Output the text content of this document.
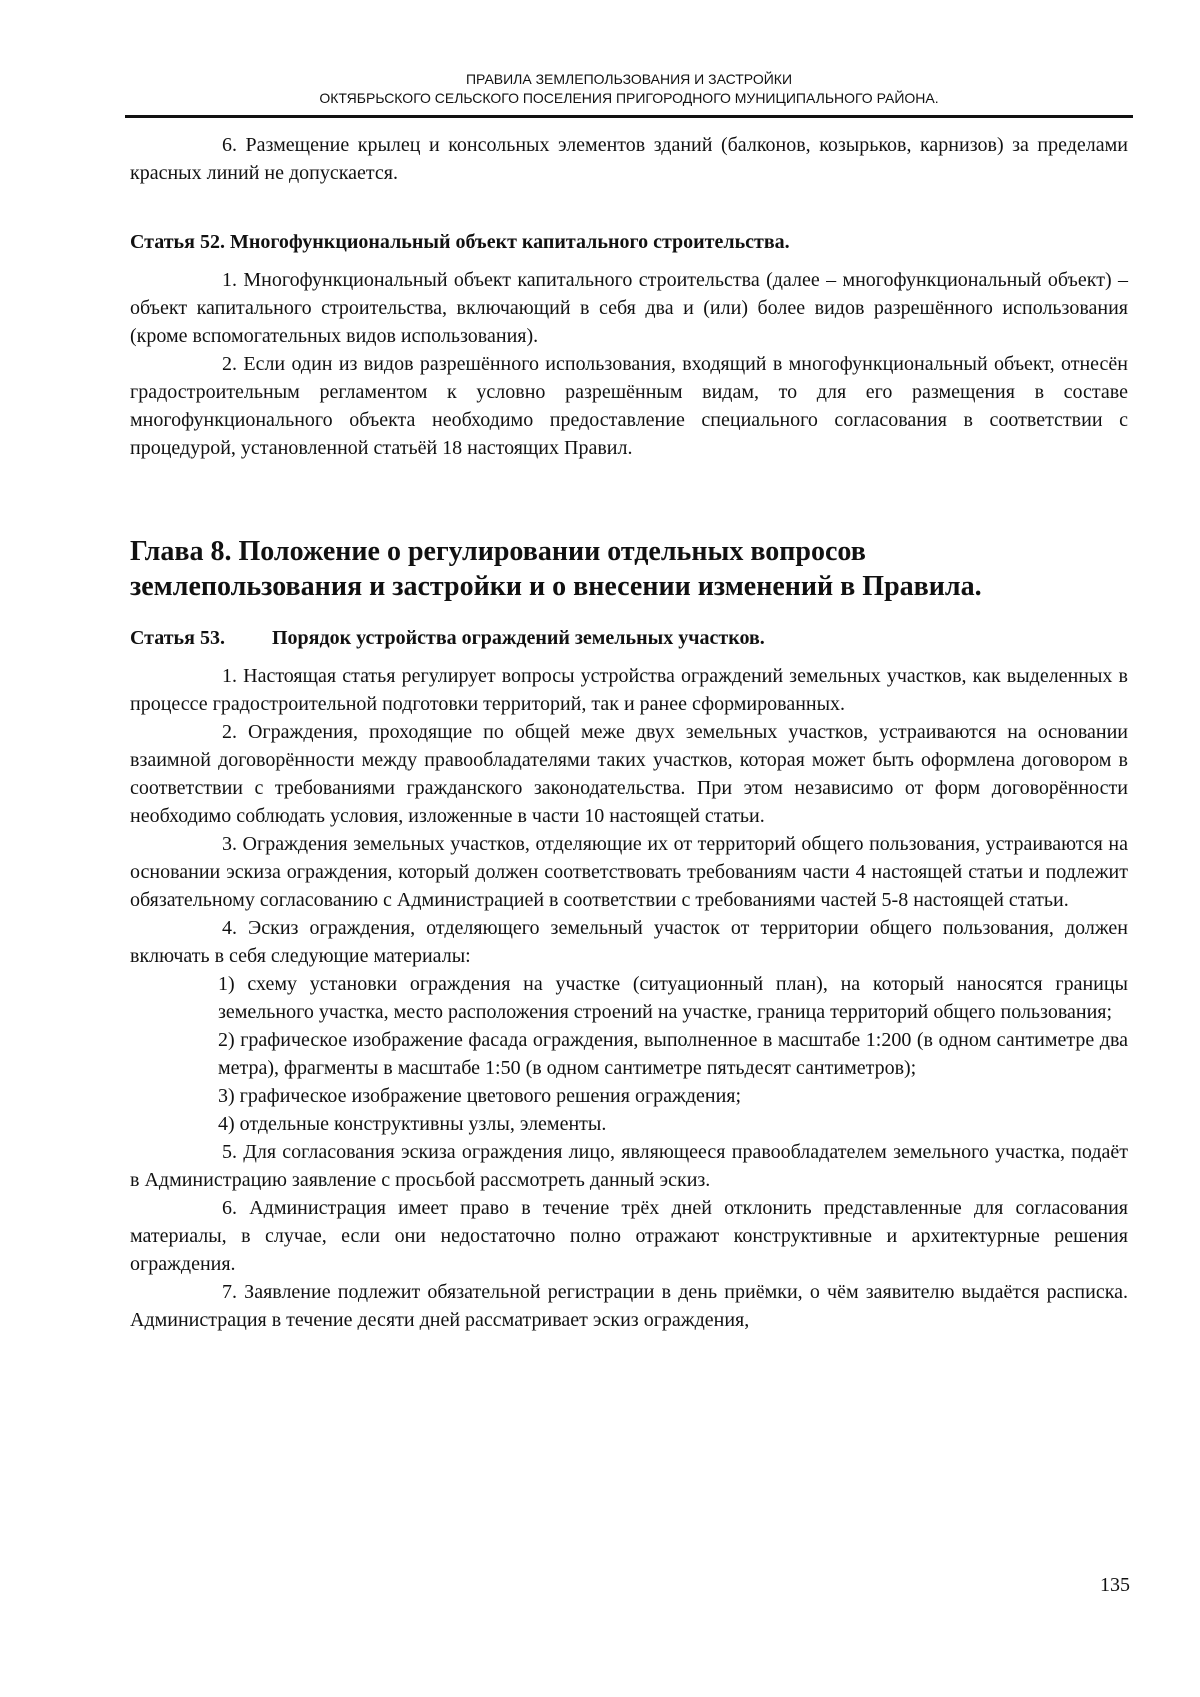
ПРАВИЛА ЗЕМЛЕПОЛЬЗОВАНИЯ И ЗАСТРОЙКИ
ОКТЯБРЬСКОГО СЕЛЬСКОГО ПОСЕЛЕНИЯ ПРИГОРОДНОГО МУНИЦИПАЛЬНОГО РАЙОНА.

6. Размещение крылец и консольных элементов зданий (балконов, козырьков, карнизов) за пределами красных линий не допускается.

Статья 52. Многофункциональный объект капитального строительства.

1. Многофункциональный объект капитального строительства (далее – многофункциональный объект) – объект капитального строительства, включающий в себя два и (или) более видов разрешённого использования (кроме вспомогательных видов использования).

2. Если один из видов разрешённого использования, входящий в многофункциональный объект, отнесён градостроительным регламентом к условно разрешённым видам, то для его размещения в составе многофункционального объекта необходимо предоставление специального согласования в соответствии с процедурой, установленной статьёй 18 настоящих Правил.

Глава 8. Положение о регулировании отдельных вопросов
землепользования и застройки и о внесении изменений в Правила.
Статья 53. Порядок устройства ограждений земельных участков.

1. Настоящая статья регулирует вопросы устройства ограждений земельных участков, как выделенных в процессе градостроительной подготовки территорий, так и ранее сформированных.

2. Ограждения, проходящие по общей меже двух земельных участков, устраиваются на основании взаимной договорённости между правообладателями таких участков, которая может быть оформлена договором в соответствии с требованиями гражданского законодательства. При этом независимо от форм договорённости необходимо соблюдать условия, изложенные в части 10 настоящей статьи.

3. Ограждения земельных участков, отделяющие их от территорий общего пользования, устраиваются на основании эскиза ограждения, который должен соответствовать требованиям части 4 настоящей статьи и подлежит обязательному согласованию с Администрацией в соответствии с требованиями частей 5-8 настоящей статьи.

4. Эскиз ограждения, отделяющего земельный участок от территории общего пользования, должен включать в себя следующие материалы:

1) схему установки ограждения на участке (ситуационный план), на который наносятся границы земельного участка, место расположения строений на участке, граница территорий общего пользования;

2) графическое изображение фасада ограждения, выполненное в масштабе 1:200 (в одном сантиметре два метра), фрагменты в масштабе 1:50 (в одном сантиметре пятьдесят сантиметров);

3) графическое изображение цветового решения ограждения;

4) отдельные конструктивны узлы, элементы.

5. Для согласования эскиза ограждения лицо, являющееся правообладателем земельного участка, подаёт в Администрацию заявление с просьбой рассмотреть данный эскиз.

6. Администрация имеет право в течение трёх дней отклонить представленные для согласования материалы, в случае, если они недостаточно полно отражают конструктивные и архитектурные решения ограждения.

7. Заявление подлежит обязательной регистрации в день приёмки, о чём заявителю выдаётся расписка. Администрация в течение десяти дней рассматривает эскиз ограждения,

135
